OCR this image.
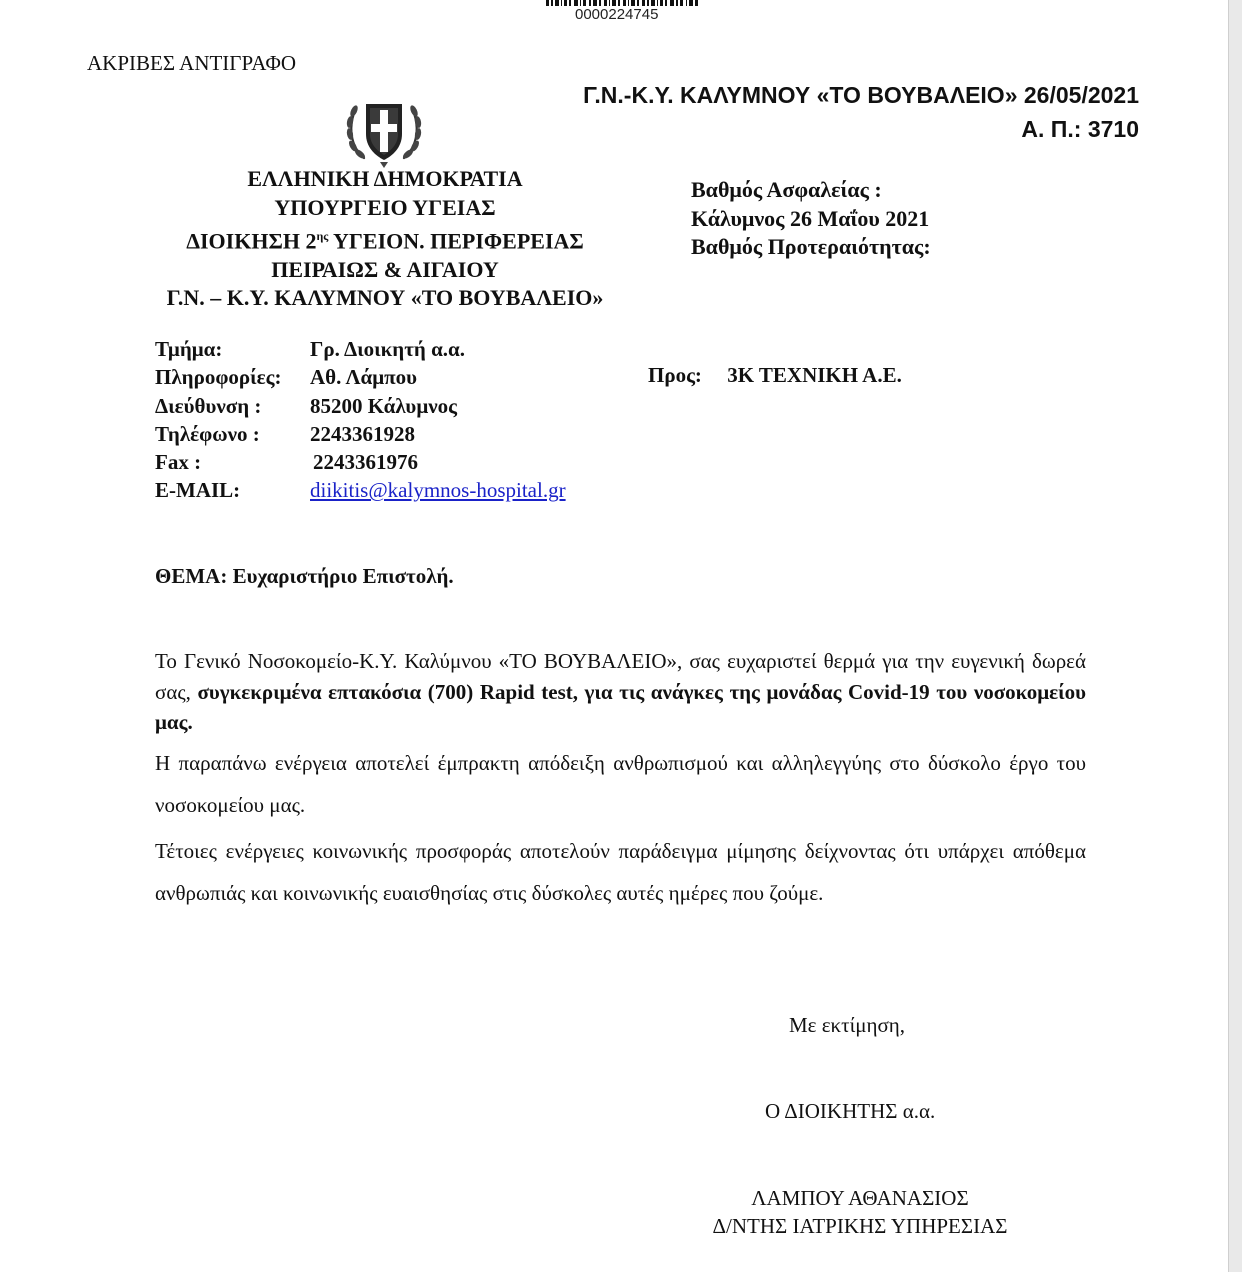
0000224745
ΑΚΡΙΒΕΣ ΑΝΤΙΓΡΑΦΟ
Γ.Ν.-Κ.Υ. ΚΑΛΥΜΝΟΥ «ΤΟ ΒΟΥΒΑΛΕΙΟ» 26/05/2021
Α. Π.: 3710
ΕΛΛΗΝΙΚΗ ΔΗΜΟΚΡΑΤΙΑ
ΥΠΟΥΡΓΕΙΟ ΥΓΕΙΑΣ
ΔΙΟΙΚΗΣΗ $2^{\eta\varsigma}$ ΥΓΕΙΟΝ. ΠΕΡΙΦΕΡΕΙΑΣ
ΠΕΙΡΑΙΩΣ & ΑΙΓΑΙΟΥ
Γ.Ν. – Κ.Υ. ΚΑΛΥΜΝΟΥ «ΤΟ ΒΟΥΒΑΛΕΙΟ»
Βαθμός Ασφαλείας :
Κάλυμνος 26 Μαΐου 2021
Βαθμός Προτεραιότητας:
Τμήμα:	Γρ. Διοικητή α.α.
Πληροφορίες: Αθ. Λάμπου
Διεύθυνση : 85200 Κάλυμνος
Τηλέφωνο : 2243361928
Fax :	2243361976
E-MAIL:	diikitis@kalymnos-hospital.gr
Προς: 3Κ ΤΕΧΝΙΚΗ Α.Ε.
ΘΕΜΑ: Ευχαριστήριο Επιστολή.

Το Γενικό Νοσοκομείο-Κ.Υ. Καλύμνου «ΤΟ ΒΟΥΒΑΛΕΙΟ», σας ευχαριστεί θερμά για την ευγενική δωρεά σας, συγκεκριμένα επτακόσια (700) Rapid test, για τις ανάγκες της μονάδας Covid-19 του νοσοκομείου μας.

Η παραπάνω ενέργεια αποτελεί έμπρακτη απόδειξη ανθρωπισμού και αλληλεγγύης στο δύσκολο έργο του νοσοκομείου μας.

Τέτοιες ενέργειες κοινωνικής προσφοράς αποτελούν παράδειγμα μίμησης δείχνοντας ότι υπάρχει απόθεμα ανθρωπιάς και κοινωνικής ευαισθησίας στις δύσκολες αυτές ημέρες που ζούμε.

Με εκτίμηση,
Ο ΔΙΟΙΚΗΤΗΣ α.α.
ΛΑΜΠΟΥ ΑΘΑΝΑΣΙΟΣ
Δ/ΝΤΗΣ ΙΑΤΡΙΚΗΣ ΥΠΗΡΕΣΙΑΣ
